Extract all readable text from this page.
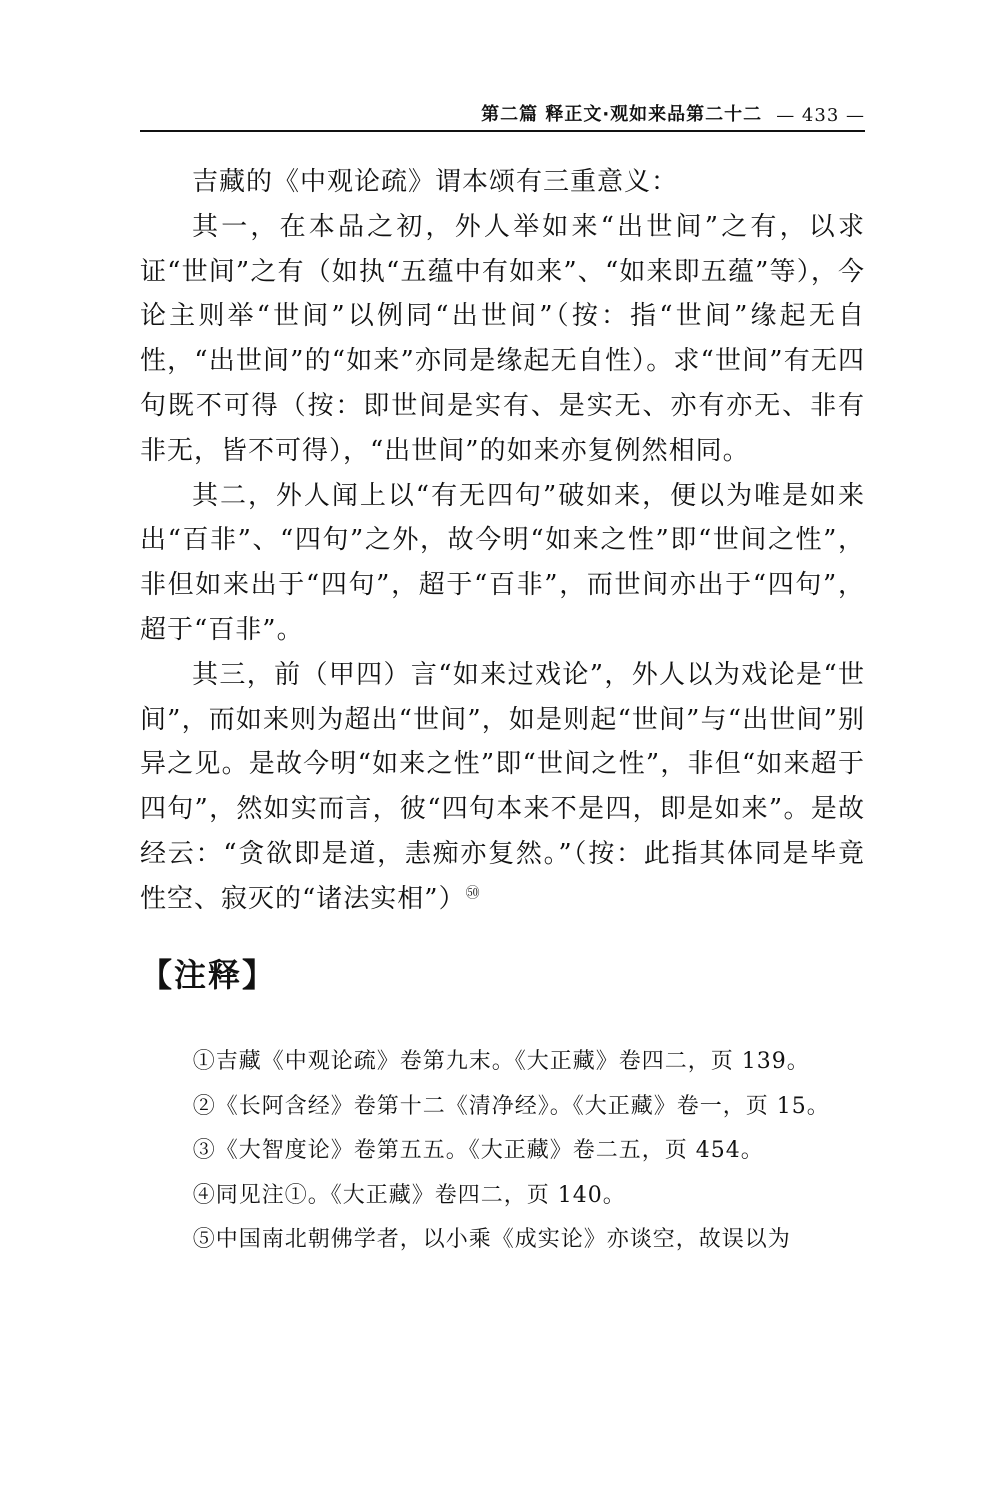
第二篇 释正文·观如来品第二十二 — 433 —

吉藏的《中观论疏》谓本颂有三重意义：

其一，在本品之初，外人举如来“出世间”之有，以求证“世间”之有（如执“五蕴中有如来”、“如来即五蕴”等），今论主则举“世间”以例同“出世间”（按：指“世间”缘起无自性，“出世间”的“如来”亦同是缘起无自性）。求“世间”有无四句既不可得（按：即世间是实有、是实无、亦有亦无、非有非无，皆不可得），“出世间”的如来亦复例然相同。

其二，外人闻上以“有无四句”破如来，便以为唯是如来出“百非”、“四句”之外，故今明“如来之性”即“世间之性”，非但如来出于“四句”，超于“百非”，而世间亦出于“四句”，超于“百非”。

其三，前（甲四）言“如来过戏论”，外人以为戏论是“世间”，而如来则为超出“世间”，如是则起“世间”与“出世间”别异之见。是故今明“如来之性”即“世间之性”，非但“如来超于四句”，然如实而言，彼“四句本来不是四，即是如来”。是故经云：“贪欲即是道，恚痴亦复然。”（按：此指其体同是毕竟性空、寂灭的“诸法实相”）$^㊿$

【注释】

①吉藏《中观论疏》卷第九末。《大正藏》卷四二，页 139。

②《长阿含经》卷第十二《清净经》。《大正藏》卷一，页 15。

③《大智度论》卷第五五。《大正藏》卷二五，页 454。

④同见注①。《大正藏》卷四二，页 140。

⑤中国南北朝佛学者，以小乘《成实论》亦谈空，故误以为
